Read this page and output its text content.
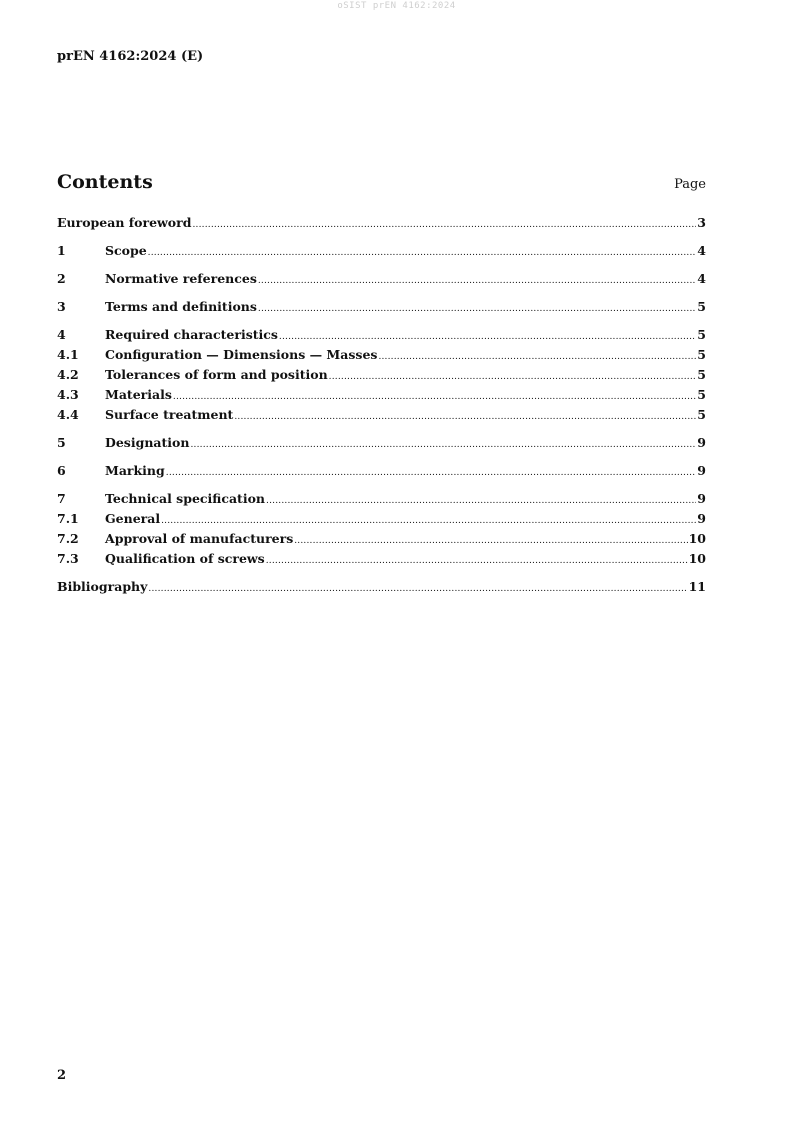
oSIST prEN 4162:2024
prEN 4162:2024 (E)
Contents	Page
European foreword .....	3
1	Scope .....	4
2	Normative references .....	4
3	Terms and definitions .....	5
4	Required characteristics .....	5
4.1	Configuration — Dimensions — Masses .....	5
4.2	Tolerances of form and position .....	5
4.3	Materials .....	5
4.4	Surface treatment .....	5
5	Designation .....	9
6	Marking .....	9
7	Technical specification .....	9
7.1	General .....	9
7.2	Approval of manufacturers .....	10
7.3	Qualification of screws .....	10
Bibliography .....	11
2
